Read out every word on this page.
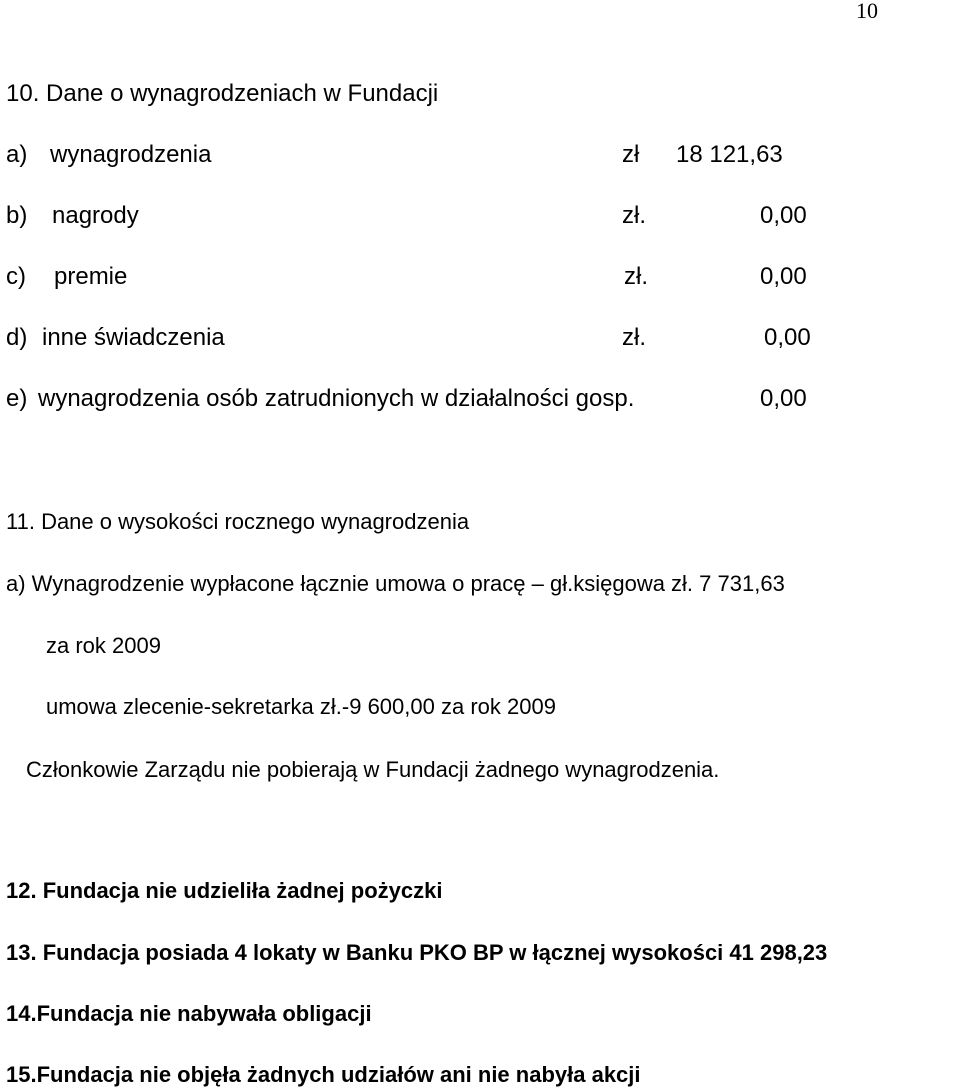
10
10. Dane o wynagrodzeniach w Fundacji
a) wynagrodzenia	zł 18 121,63
b) nagrody	zł.	0,00
c) premie	zł.	0,00
d) inne świadczenia	zł.	0,00
e) wynagrodzenia osób zatrudnionych w działalności gosp.	0,00
11. Dane o wysokości rocznego wynagrodzenia
a) Wynagrodzenie wypłacone łącznie umowa o pracę – gł.księgowa zł. 7 731,63
za rok 2009
umowa zlecenie-sekretarka zł.-9 600,00 za rok 2009
Członkowie Zarządu nie pobierają w Fundacji żadnego wynagrodzenia.
12. Fundacja nie udzieliła żadnej pożyczki
13. Fundacja posiada 4 lokaty w Banku PKO BP w łącznej wysokości 41 298,23
14.Fundacja nie nabywała obligacji
15.Fundacja nie objęła żadnych udziałów ani nie nabyła akcji
